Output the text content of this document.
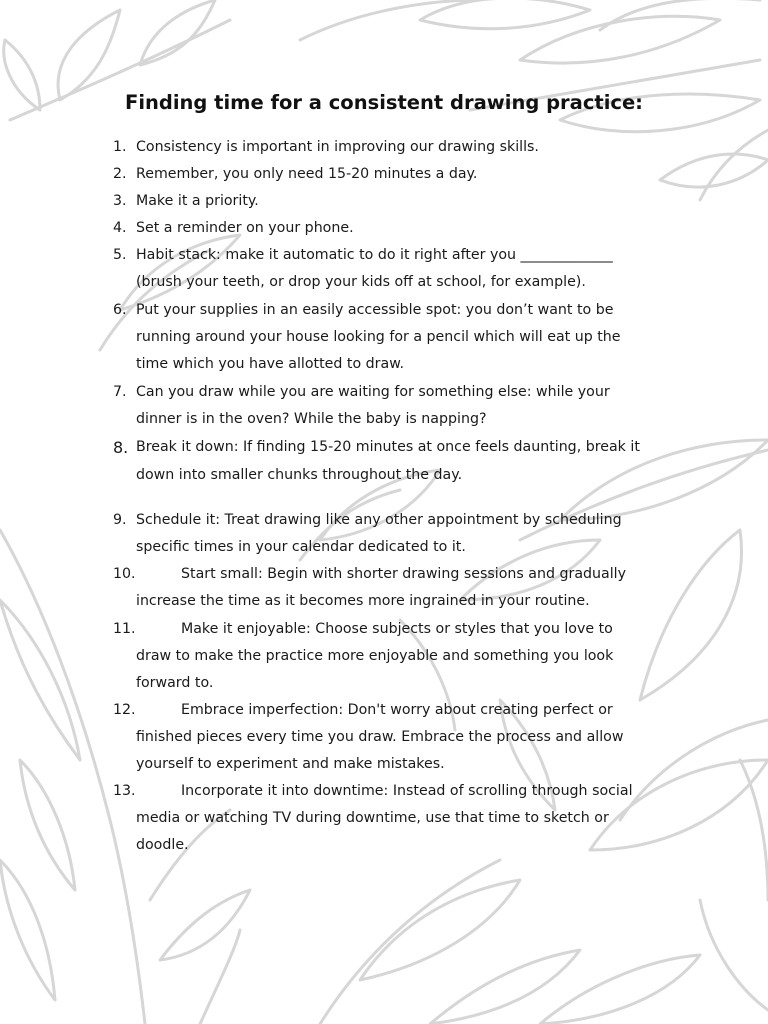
Finding time for a consistent drawing practice:
1. Consistency is important in improving our drawing skills.
2. Remember, you only need 15-20 minutes a day.
3. Make it a priority.
4. Set a reminder on your phone.
5. Habit stack: make it automatic to do it right after you _____________
(brush your teeth, or drop your kids off at school, for example).
6. Put your supplies in an easily accessible spot: you don’t want to be
running around your house looking for a pencil which will eat up the
time which you have allotted to draw.
7. Can you draw while you are waiting for something else: while your
dinner is in the oven? While the baby is napping?
8. Break it down: If finding 15-20 minutes at once feels daunting, break it
down into smaller chunks throughout the day.
9. Schedule it: Treat drawing like any other appointment by scheduling
specific times in your calendar dedicated to it.
10.	Start small: Begin with shorter drawing sessions and gradually
increase the time as it becomes more ingrained in your routine.
11.	Make it enjoyable: Choose subjects or styles that you love to
draw to make the practice more enjoyable and something you look
forward to.
12.	Embrace imperfection: Don't worry about creating perfect or
finished pieces every time you draw. Embrace the process and allow
yourself to experiment and make mistakes.
13.	Incorporate it into downtime: Instead of scrolling through social
media or watching TV during downtime, use that time to sketch or
doodle.
